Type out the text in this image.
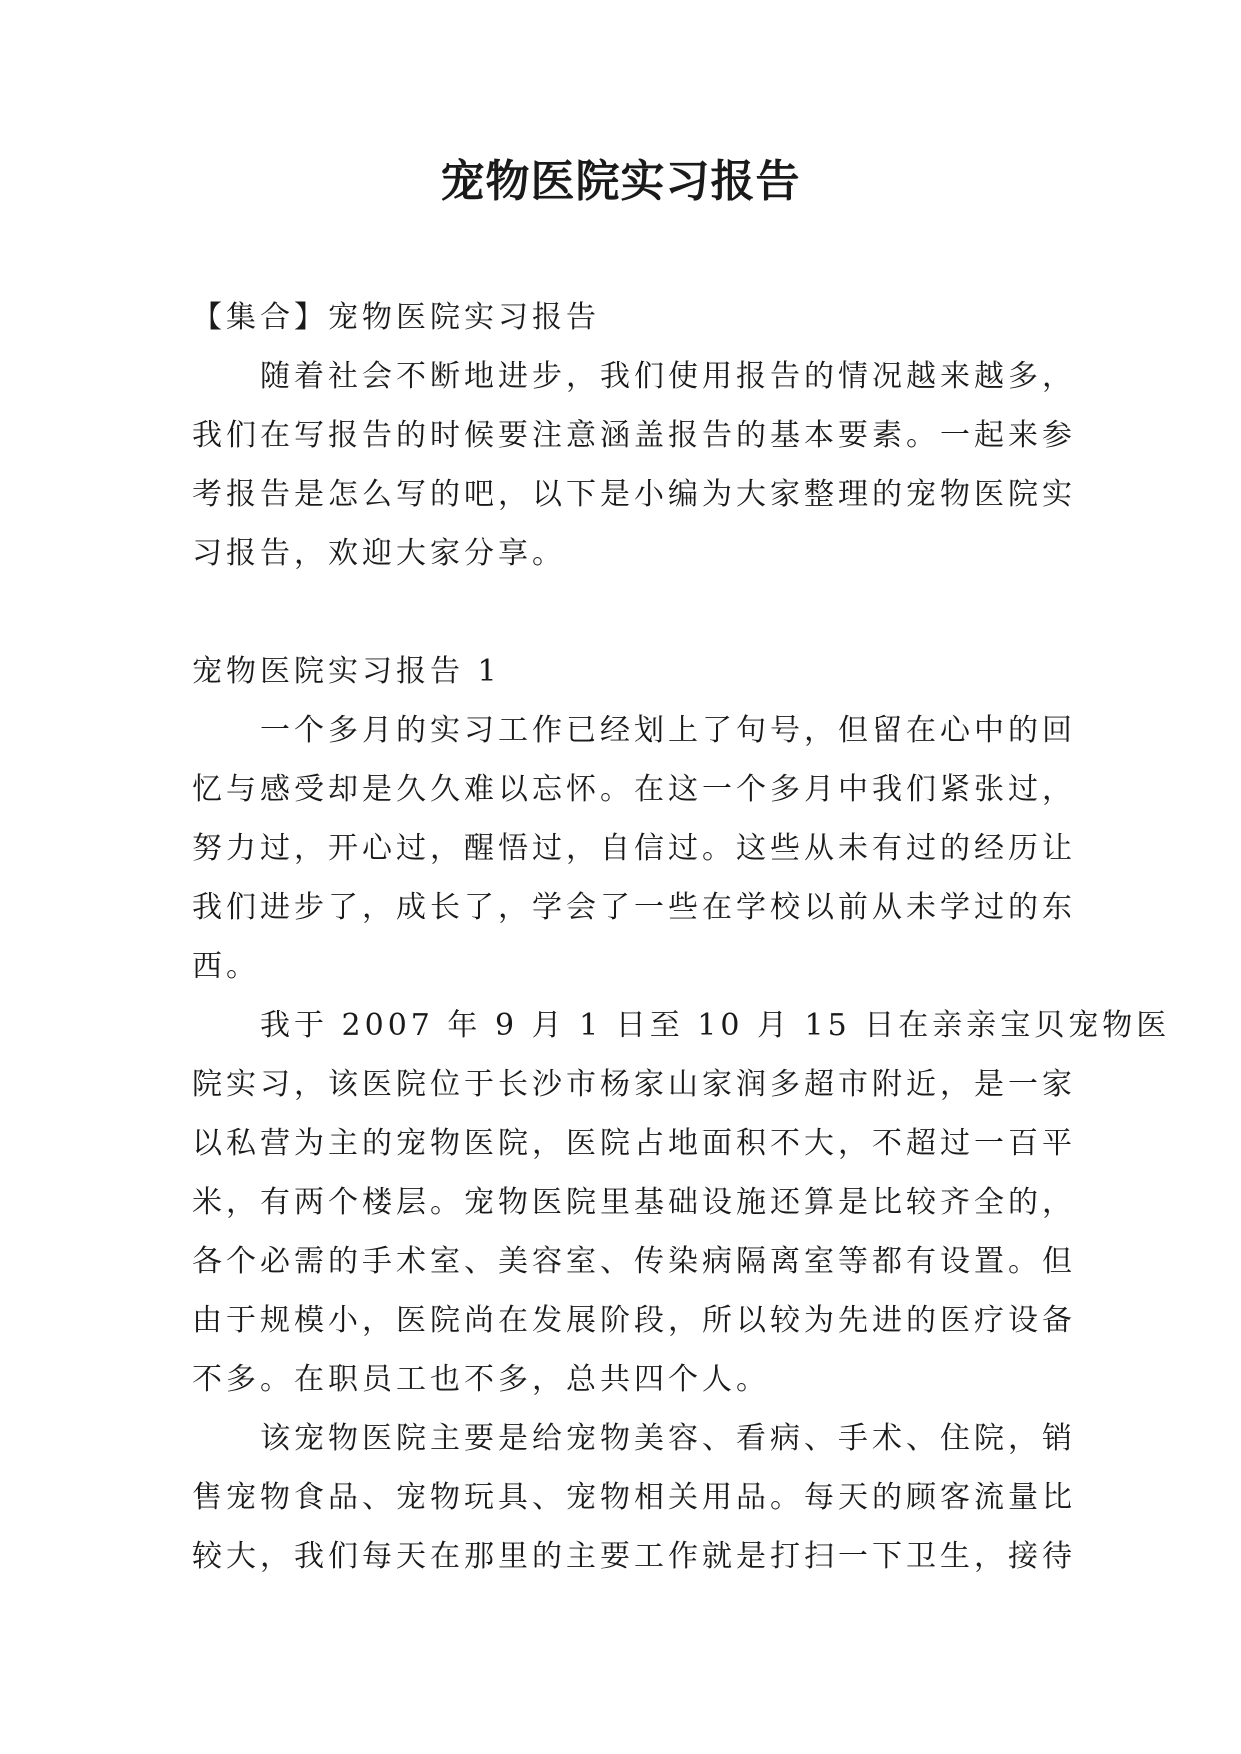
宠物医院实习报告

【集合】宠物医院实习报告

随着社会不断地进步，我们使用报告的情况越来越多，

我们在写报告的时候要注意涵盖报告的基本要素。一起来参

考报告是怎么写的吧，以下是小编为大家整理的宠物医院实

习报告，欢迎大家分享。

宠物医院实习报告 1

一个多月的实习工作已经划上了句号，但留在心中的回

忆与感受却是久久难以忘怀。在这一个多月中我们紧张过，

努力过，开心过，醒悟过，自信过。这些从未有过的经历让

我们进步了，成长了，学会了一些在学校以前从未学过的东

西。

我于 2007 年 9 月 1 日至 10 月 15 日在亲亲宝贝宠物医

院实习，该医院位于长沙市杨家山家润多超市附近，是一家

以私营为主的宠物医院，医院占地面积不大，不超过一百平

米，有两个楼层。宠物医院里基础设施还算是比较齐全的，

各个必需的手术室、美容室、传染病隔离室等都有设置。但

由于规模小，医院尚在发展阶段，所以较为先进的医疗设备

不多。在职员工也不多，总共四个人。

该宠物医院主要是给宠物美容、看病、手术、住院，销

售宠物食品、宠物玩具、宠物相关用品。每天的顾客流量比

较大，我们每天在那里的主要工作就是打扫一下卫生，接待
